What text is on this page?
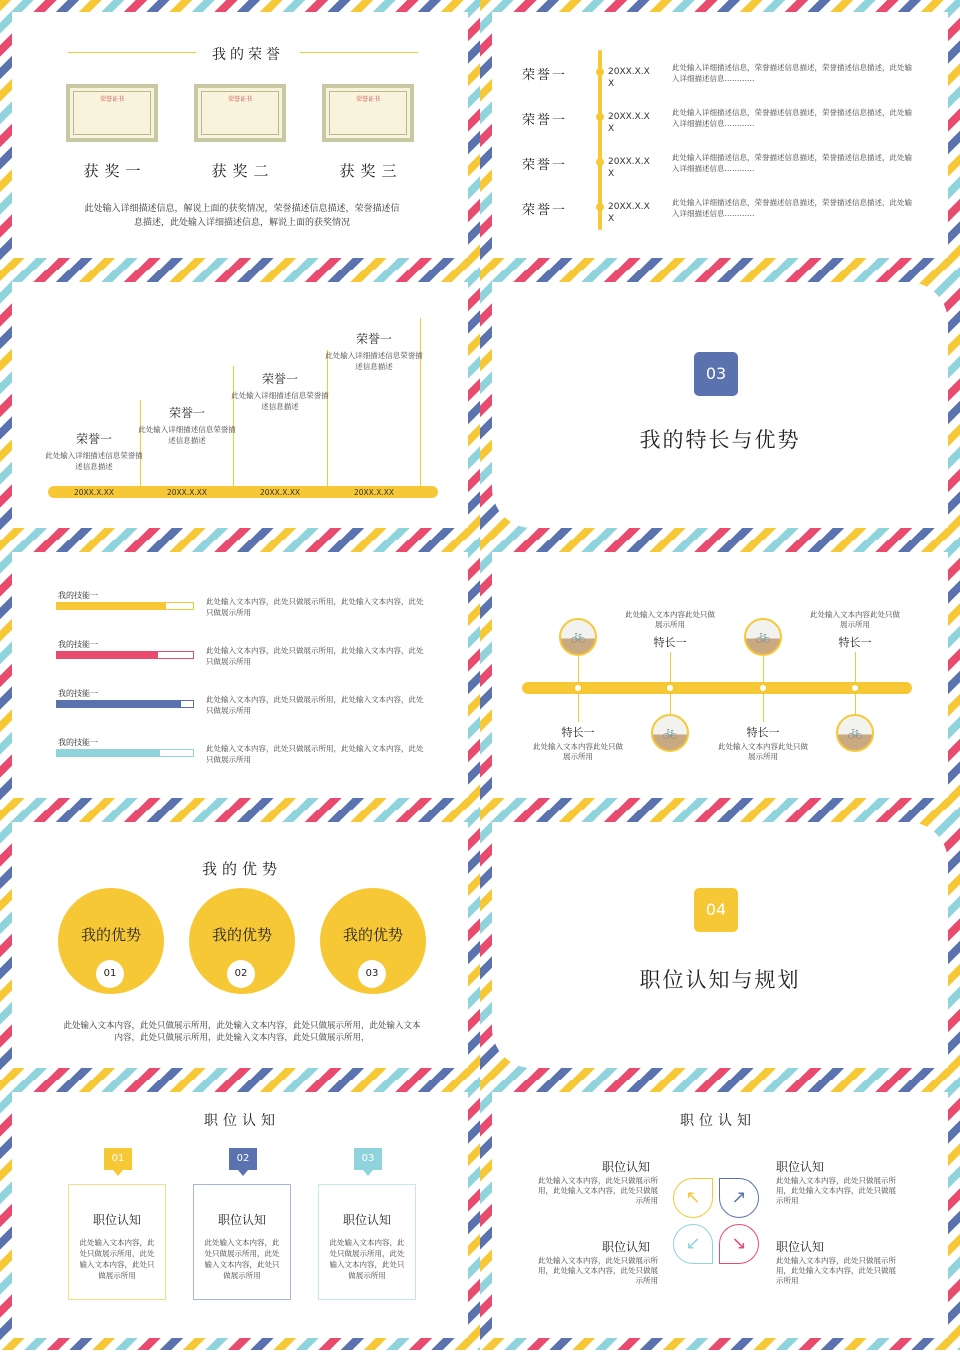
我的荣誉
荣誉证书	荣誉证书	荣誉证书
获奖一	获奖二	获奖三
此处输入详细描述信息，解说上面的获奖情况，荣誉描述信息描述，荣誉描述信息描述，此处输入详细描述信息，解说上面的获奖情况
荣誉一	20XX.X.XX
此处输入详细描述信息，荣誉描述信息描述，荣誉描述信息描述，此处输入详细描述信息…………
荣誉一	20XX.X.XX
此处输入详细描述信息，荣誉描述信息描述，荣誉描述信息描述，此处输入详细描述信息…………
荣誉一	20XX.X.XX
此处输入详细描述信息，荣誉描述信息描述，荣誉描述信息描述，此处输入详细描述信息…………
荣誉一	20XX.X.XX
此处输入详细描述信息，荣誉描述信息描述，荣誉描述信息描述，此处输入详细描述信息…………
荣誉一
此处输入详细描述信息荣誉描述信息描述
20XX.X.XX
荣誉一
此处输入详细描述信息荣誉描述信息描述
20XX.X.XX
荣誉一
此处输入详细描述信息荣誉描述信息描述
20XX.X.XX
荣誉一
此处输入详细描述信息荣誉描述信息描述
20XX.X.XX
03
我的特长与优势
我的技能一
此处输入文本内容，此处只做展示所用，此处输入文本内容，此处只做展示所用
我的技能一
此处输入文本内容，此处只做展示所用，此处输入文本内容，此处只做展示所用
我的技能一
此处输入文本内容，此处只做展示所用，此处输入文本内容，此处只做展示所用
我的技能一
此处输入文本内容，此处只做展示所用，此处输入文本内容，此处只做展示所用
🚲
特长一
此处输入文本内容此处只做展示所用
此处输入文本内容此处只做展示所用
特长一
🚲
🚲
特长一
此处输入文本内容此处只做展示所用
此处输入文本内容此处只做展示所用
特长一
🚲
我的优势
我的优势
01
我的优势
02
我的优势
03
此处输入文本内容，此处只做展示所用，此处输入文本内容，此处只做展示所用，此处输入文本内容，此处只做展示所用，此处输入文本内容，此处只做展示所用，
04
职位认知与规划
职位认知
01
职位认知
此处输入文本内容，此处只做展示所用，此处输入文本内容，此处只做展示所用
02
职位认知
此处输入文本内容，此处只做展示所用，此处输入文本内容，此处只做展示所用
03
职位认知
此处输入文本内容，此处只做展示所用，此处输入文本内容，此处只做展示所用
职位认知
↖	↗
↙	↘
职位认知
此处输入文本内容，此处只做展示所用，此处输入文本内容，此处只做展示所用
职位认知
此处输入文本内容，此处只做展示所用，此处输入文本内容，此处只做展示所用
职位认知
此处输入文本内容，此处只做展示所用，此处输入文本内容，此处只做展示所用
职位认知
此处输入文本内容，此处只做展示所用，此处输入文本内容，此处只做展示所用
